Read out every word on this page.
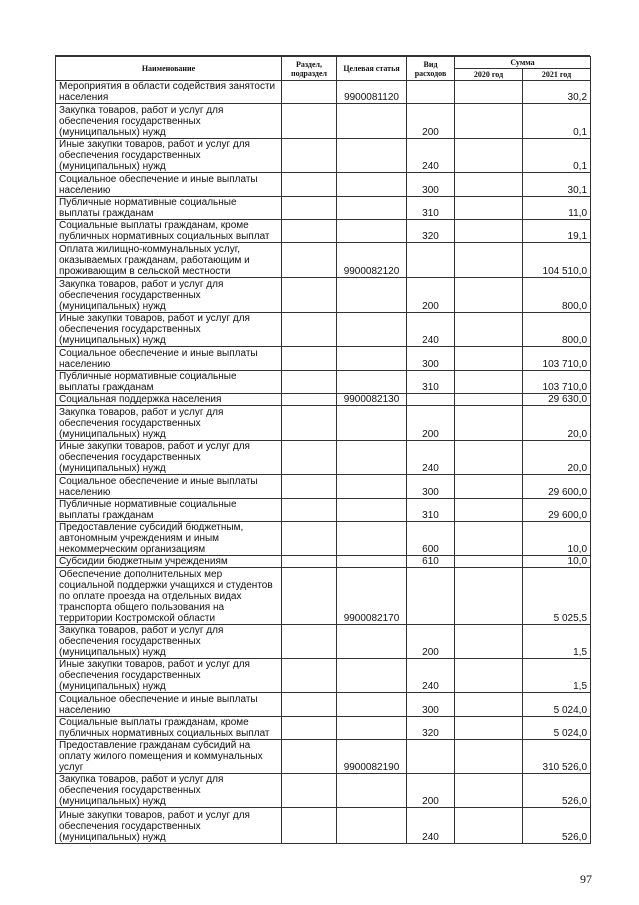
Наименование	Раздел, подраздел	Целевая статья	Вид расходов	Сумма	
				2020 год	2021 год
Мероприятия в области содействия занятости населения		9900081120			30,2
Закупка товаров, работ и услуг для обеспечения государственных (муниципальных) нужд			200		0,1
Иные закупки товаров, работ и услуг для обеспечения государственных (муниципальных) нужд			240		0,1
Социальное обеспечение и иные выплаты населению			300		30,1
Публичные нормативные социальные выплаты гражданам			310		11,0
Социальные выплаты гражданам, кроме публичных нормативных социальных выплат			320		19,1
Оплата жилищно-коммунальных услуг, оказываемых гражданам, работающим и проживающим в сельской местности		9900082120			104 510,0
Закупка товаров, работ и услуг для обеспечения государственных (муниципальных) нужд			200		800,0
Иные закупки товаров, работ и услуг для обеспечения государственных (муниципальных) нужд			240		800,0
Социальное обеспечение и иные выплаты населению			300		103 710,0
Публичные нормативные социальные выплаты гражданам			310		103 710,0
Социальная поддержка населения		9900082130			29 630,0
Закупка товаров, работ и услуг для обеспечения государственных (муниципальных) нужд			200		20,0
Иные закупки товаров, работ и услуг для обеспечения государственных (муниципальных) нужд			240		20,0
Социальное обеспечение и иные выплаты населению			300		29 600,0
Публичные нормативные социальные выплаты гражданам			310		29 600,0
Предоставление субсидий бюджетным, автономным учреждениям и иным некоммерческим организациям			600		10,0
Субсидии бюджетным учреждениям			610		10,0
Обеспечение дополнительных мер социальной поддержки учащихся и студентов по оплате проезда на отдельных видах транспорта общего пользования на территории Костромской области		9900082170			5 025,5
Закупка товаров, работ и услуг для обеспечения государственных (муниципальных) нужд			200		1,5
Иные закупки товаров, работ и услуг для обеспечения государственных (муниципальных) нужд			240		1,5
Социальное обеспечение и иные выплаты населению			300		5 024,0
Социальные выплаты гражданам, кроме публичных нормативных социальных выплат			320		5 024,0
Предоставление гражданам субсидий на оплату жилого помещения и коммунальных услуг		9900082190			310 526,0
Закупка товаров, работ и услуг для обеспечения государственных (муниципальных) нужд			200		526,0
Иные закупки товаров, работ и услуг для обеспечения государственных (муниципальных) нужд			240		526,0
97
